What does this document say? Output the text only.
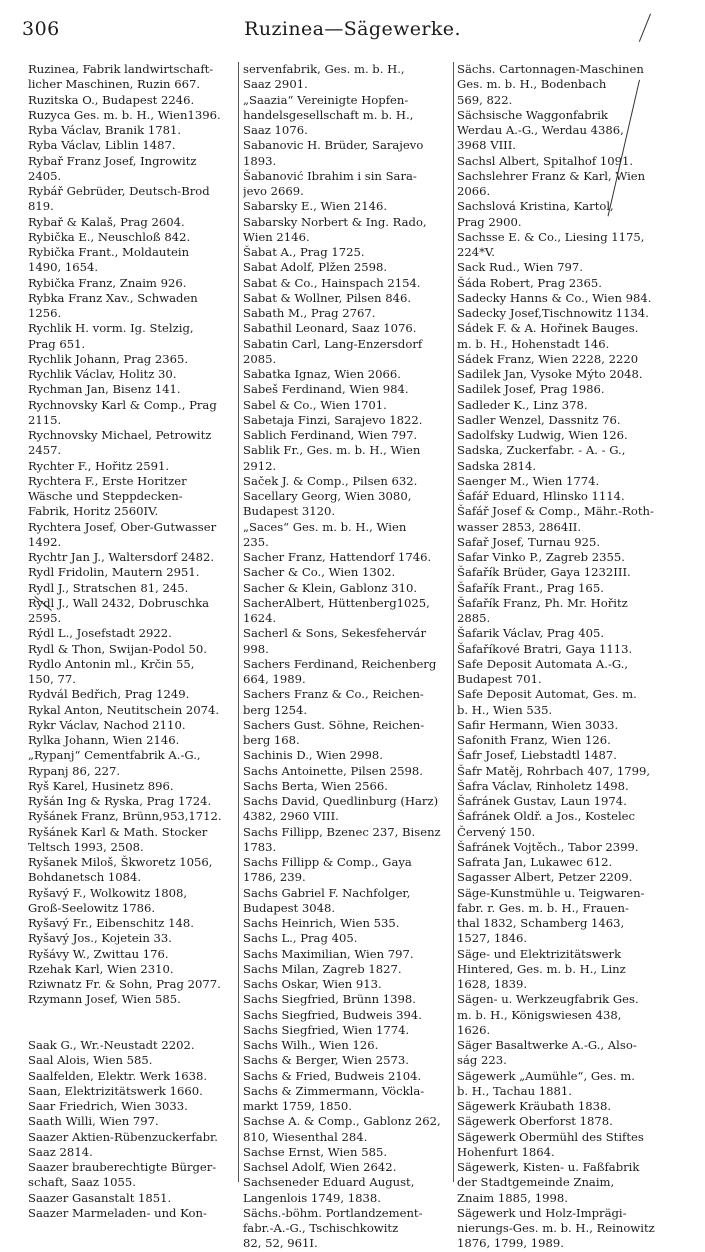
306	Ruzinea—Sägewerke.
Ruzinea, Fabrik landwirtschaft-
licher Maschinen, Ruzin 667.
Ruzitska O., Budapest 2246.
Ruzyca Ges. m. b. H., Wien1396.
Ryba Václav, Branik 1781.
Ryba Václav, Liblin 1487.
Rybař Franz Josef, Ingrowitz
2405.
Rybář Gebrüder, Deutsch-Brod
819.
Rybař & Kalaš, Prag 2604.
Rybička E., Neuschloß 842.
Rybička Frant., Moldautein
1490, 1654.
Rybička Franz, Znaim 926.
Rybka Franz Xav., Schwaden
1256.
Rychlik H. vorm. Ig. Stelzig,
Prag 651.
Rychlik Johann, Prag 2365.
Rychlik Václav, Holitz 30.
Rychman Jan, Bisenz 141.
Rychnovsky Karl & Comp., Prag
2115.
Rychnovsky Michael, Petrowitz
2457.
Rychter F., Hořitz 2591.
Rychtera F., Erste Horitzer
Wäsche und Steppdecken-
Fabrik, Horitz 2560IV.
Rychtera Josef, Ober-Gutwasser
1492.
Rychtr Jan J., Waltersdorf 2482.
Rydl Fridolin, Mautern 2951.
Rydl J., Stratschen 81, 245.
Rydl J., Wall 2432, Dobruschka
2595.
Rýdl L., Josefstadt 2922.
Rydl & Thon, Swijan-Podol 50.
Rydlo Antonin ml., Krčin 55,
150, 77.
Rydvál Bedřich, Prag 1249.
Rykal Anton, Neutitschein 2074.
Rykr Václav, Nachod 2110.
Rylka Johann, Wien 2146.
„Rypanj“ Cementfabrik A.-G.,
Rypanj 86, 227.
Ryš Karel, Husinetz 896.
Ryšán Ing & Ryska, Prag 1724.
Ryšánek Franz, Brünn,953,1712.
Ryšánek Karl & Math. Stocker
Teltsch 1993, 2508.
Ryšanek Miloš, Škworetz 1056,
Bohdanetsch 1084.
Ryšavý F., Wolkowitz 1808,
Groß-Seelowitz 1786.
Ryšavý Fr., Eibenschitz 148.
Ryšavý Jos., Kojetein 33.
Ryšávy W., Zwittau 176.
Rzehak Karl, Wien 2310.
Rziwnatz Fr. & Sohn, Prag 2077.
Rzymann Josef, Wien 585.
Saak G., Wr.-Neustadt 2202.
Saal Alois, Wien 585.
Saalfelden, Elektr. Werk 1638.
Saan, Elektrizitätswerk 1660.
Saar Friedrich, Wien 3033.
Saath Willi, Wien 797.
Saazer Aktien-Rübenzuckerfabr.
Saaz 2814.
Saazer brauberechtigte Bürger-
schaft, Saaz 1055.
Saazer Gasanstalt 1851.
Saazer Marmeladen- und Kon-
servenfabrik, Ges. m. b. H.,
Saaz 2901.
„Saazia“ Vereinigte Hopfen-
handelsgesellschaft m. b. H.,
Saaz 1076.
Sabanovic H. Brüder, Sarajevo
1893.
Šabanović Ibrahim i sin Sara-
jevo 2669.
Sabarsky E., Wien 2146.
Sabarsky Norbert & Ing. Rado,
Wien 2146.
Šabat A., Prag 1725.
Sabat Adolf, Plžen 2598.
Sabat & Co., Hainspach 2154.
Sabat & Wollner, Pilsen 846.
Sabath M., Prag 2767.
Sabathil Leonard, Saaz 1076.
Sabatin Carl, Lang-Enzersdorf
2085.
Sabatka Ignaz, Wien 2066.
Sabeš Ferdinand, Wien 984.
Sabel & Co., Wien 1701.
Sabetaja Finzi, Sarajevo 1822.
Sablich Ferdinand, Wien 797.
Sablik Fr., Ges. m. b. H., Wien
2912.
Saček J. & Comp., Pilsen 632.
Sacellary Georg, Wien 3080,
Budapest 3120.
„Saces“ Ges. m. b. H., Wien
235.
Sacher Franz, Hattendorf 1746.
Sacher & Co., Wien 1302.
Sacher & Klein, Gablonz 310.
SacherAlbert, Hüttenberg1025,
1624.
Sacherl & Sons, Sekesfehervár
998.
Sachers Ferdinand, Reichenberg
664, 1989.
Sachers Franz & Co., Reichen-
berg 1254.
Sachers Gust. Söhne, Reichen-
berg 168.
Sachinis D., Wien 2998.
Sachs Antoinette, Pilsen 2598.
Sachs Berta, Wien 2566.
Sachs David, Quedlinburg (Harz)
4382, 2960 VIII.
Sachs Fillipp, Bzenec 237, Bisenz
1783.
Sachs Fillipp & Comp., Gaya
1786, 239.
Sachs Gabriel F. Nachfolger,
Budapest 3048.
Sachs Heinrich, Wien 535.
Sachs L., Prag 405.
Sachs Maximilian, Wien 797.
Sachs Milan, Zagreb 1827.
Sachs Oskar, Wien 913.
Sachs Siegfried, Brünn 1398.
Sachs Siegfried, Budweis 394.
Sachs Siegfried, Wien 1774.
Sachs Wilh., Wien 126.
Sachs & Berger, Wien 2573.
Sachs & Fried, Budweis 2104.
Sachs & Zimmermann, Vöckla-
markt 1759, 1850.
Sachse A. & Comp., Gablonz 262,
810, Wiesenthal 284.
Sachse Ernst, Wien 585.
Sachsel Adolf, Wien 2642.
Sachseneder Eduard August,
Langenlois 1749, 1838.
Sächs.-böhm. Portlandzement-
fabr.-A.-G., Tschischkowitz
82, 52, 961I.
Sächs. Cartonnagen-Maschinen
Ges. m. b. H., Bodenbach
569, 822.
Sächsische Waggonfabrik
Werdau A.-G., Werdau 4386,
3968 VIII.
Sachsl Albert, Spitalhof 1091.
Sachslehrer Franz & Karl, Wien
2066.
Sachslová Kristina, Kartol,
Prag 2900.
Sachsse E. & Co., Liesing 1175,
224*V.
Sack Rud., Wien 797.
Šáda Robert, Prag 2365.
Sadecky Hanns & Co., Wien 984.
Sadecky Josef,Tischnowitz 1134.
Sádek F. & A. Hořinek Bauges.
m. b. H., Hohenstadt 146.
Sádek Franz, Wien 2228, 2220
Sadilek Jan, Vysoke Mýto 2048.
Sadilek Josef, Prag 1986.
Sadleder K., Linz 378.
Sadler Wenzel, Dassnitz 76.
Sadolfsky Ludwig, Wien 126.
Sadska, Zuckerfabr. - A. - G.,
Sadska 2814.
Saenger M., Wien 1774.
Šafář Eduard, Hlinsko 1114.
Šafář Josef & Comp., Mähr.-Roth-
wasser 2853, 2864II.
Safař Josef, Turnau 925.
Safar Vinko P., Zagreb 2355.
Šafařík Brüder, Gaya 1232III.
Šafařík Frant., Prag 165.
Šafařík Franz, Ph. Mr. Hořitz
2885.
Šafarik Václav, Prag 405.
Šafaříkové Bratri, Gaya 1113.
Safe Deposit Automata A.-G.,
Budapest 701.
Safe Deposit Automat, Ges. m.
b. H., Wien 535.
Safir Hermann, Wien 3033.
Safonith Franz, Wien 126.
Šafr Josef, Liebstadtl 1487.
Šafr Matěj, Rohrbach 407, 1799,
Šafra Václav, Rinholetz 1498.
Šafránek Gustav, Laun 1974.
Šafránek Oldř. a Jos., Kostelec
Červený 150.
Šafránek Vojtěch., Tabor 2399.
Safrata Jan, Lukawec 612.
Sagasser Albert, Petzer 2209.
Säge-Kunstmühle u. Teigwaren-
fabr. r. Ges. m. b. H., Frauen-
thal 1832, Schamberg 1463,
1527, 1846.
Säge- und Elektrizitätswerk
Hintered, Ges. m. b. H., Linz
1628, 1839.
Sägen- u. Werkzeugfabrik Ges.
m. b. H., Königswiesen 438,
1626.
Säger Basaltwerke A.-G., Also-
ság 223.
Sägewerk „Aumühle“, Ges. m.
b. H., Tachau 1881.
Sägewerk Kräubath 1838.
Sägewerk Oberforst 1878.
Sägewerk Obermühl des Stiftes
Hohenfurt 1864.
Sägewerk, Kisten- u. Faßfabrik
der Stadtgemeinde Znaim,
Znaim 1885, 1998.
Sägewerk und Holz-Imprägi-
nierungs-Ges. m. b. H., Reinowitz
1876, 1799, 1989.
